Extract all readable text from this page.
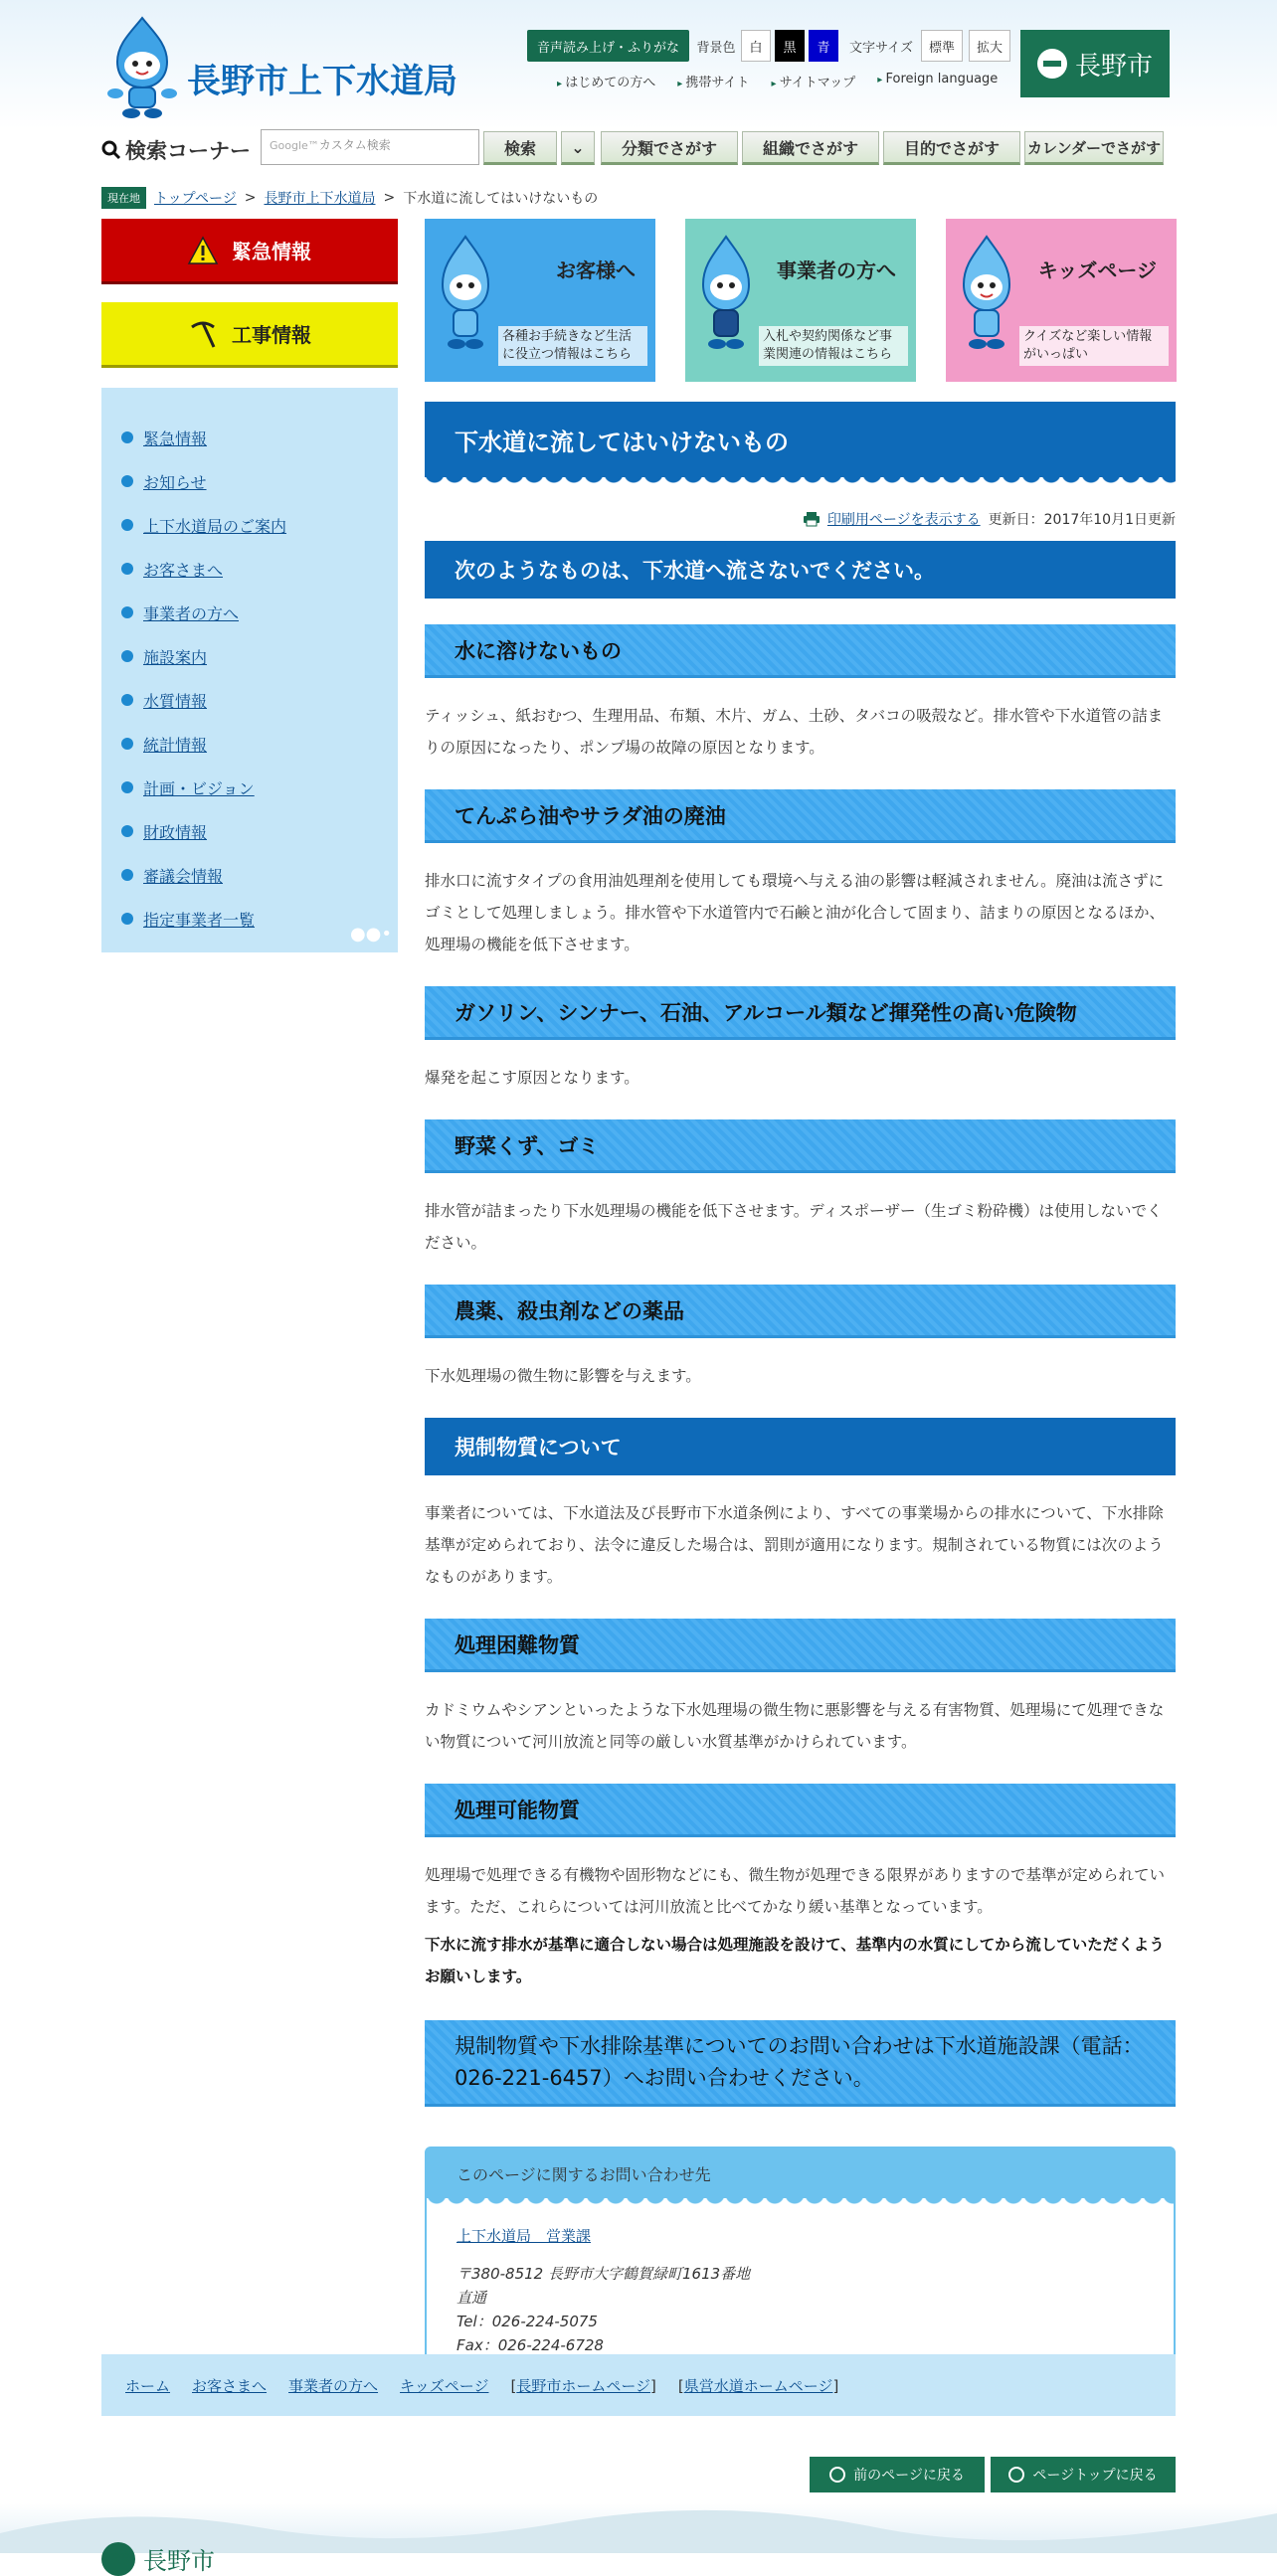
長野市上下水道局
音声読み上げ・ふりがな	背景色	白	黒	青	文字サイズ	標準	拡大
▸ はじめての方へ	▸ 携帯サイト	▸ サイトマップ	▸ Foreign language	長野市
検索コーナー	Google™カスタム検索	検索	⌄	分類でさがす	組織でさがす	目的でさがす	カレンダーでさがす
現在地	トップページ > 長野市上下水道局 > 下水道に流してはいけないもの
緊急情報
工事情報
緊急情報
お知らせ
上下水道局のご案内
お客さまへ
事業者の方へ
施設案内
水質情報
統計情報
計画・ビジョン
財政情報
審議会情報
指定事業者一覧
●●•
お客様へ
各種お手続きなど生活に役立つ情報はこちら
事業者の方へ
入札や契約関係など事業関連の情報はこちら
キッズページ
クイズなど楽しい情報がいっぱい
下水道に流してはいけないもの
印刷用ページを表示する 更新日：2017年10月1日更新
次のようなものは、下水道へ流さないでください。
水に溶けないもの

ティッシュ、紙おむつ、生理用品、布類、木片、ガム、土砂、タバコの吸殻など。排水管や下水道管の詰まりの原因になったり、ポンプ場の故障の原因となります。

てんぷら油やサラダ油の廃油

排水口に流すタイプの食用油処理剤を使用しても環境へ与える油の影響は軽減されません。廃油は流さずにゴミとして処理しましょう。排水管や下水道管内で石鹸と油が化合して固まり、詰まりの原因となるほか、処理場の機能を低下させます。

ガソリン、シンナー、石油、アルコール類など揮発性の高い危険物

爆発を起こす原因となります。

野菜くず、ゴミ

排水管が詰まったり下水処理場の機能を低下させます。ディスポーザー（生ゴミ粉砕機）は使用しないでください。

農薬、殺虫剤などの薬品

下水処理場の微生物に影響を与えます。

規制物質について

事業者については、下水道法及び長野市下水道条例により、すべての事業場からの排水について、下水排除基準が定められており、法令に違反した場合は、罰則が適用になります。規制されている物質には次のようなものがあります。

処理困難物質

カドミウムやシアンといったような下水処理場の微生物に悪影響を与える有害物質、処理場にて処理できない物質について河川放流と同等の厳しい水質基準がかけられています。

処理可能物質

処理場で処理できる有機物や固形物などにも、微生物が処理できる限界がありますので基準が定められています。ただ、これらについては河川放流と比べてかなり緩い基準となっています。

下水に流す排水が基準に適合しない場合は処理施設を設けて、基準内の水質にしてから流していただくようお願いします。

規制物質や下水排除基準についてのお問い合わせは下水道施設課（電話：026-221-6457）へお問い合わせください。
このページに関するお問い合わせ先
上下水道局　営業課
〒380-8512 長野市大字鶴賀緑町1613番地
直通
Tel：026-224-5075
Fax：026-224-6728
ホーム お客さまへ 事業者の方へ キッズページ [長野市ホームページ] [県営水道ホームページ]
前のページに戻る	ページトップに戻る
長野市
